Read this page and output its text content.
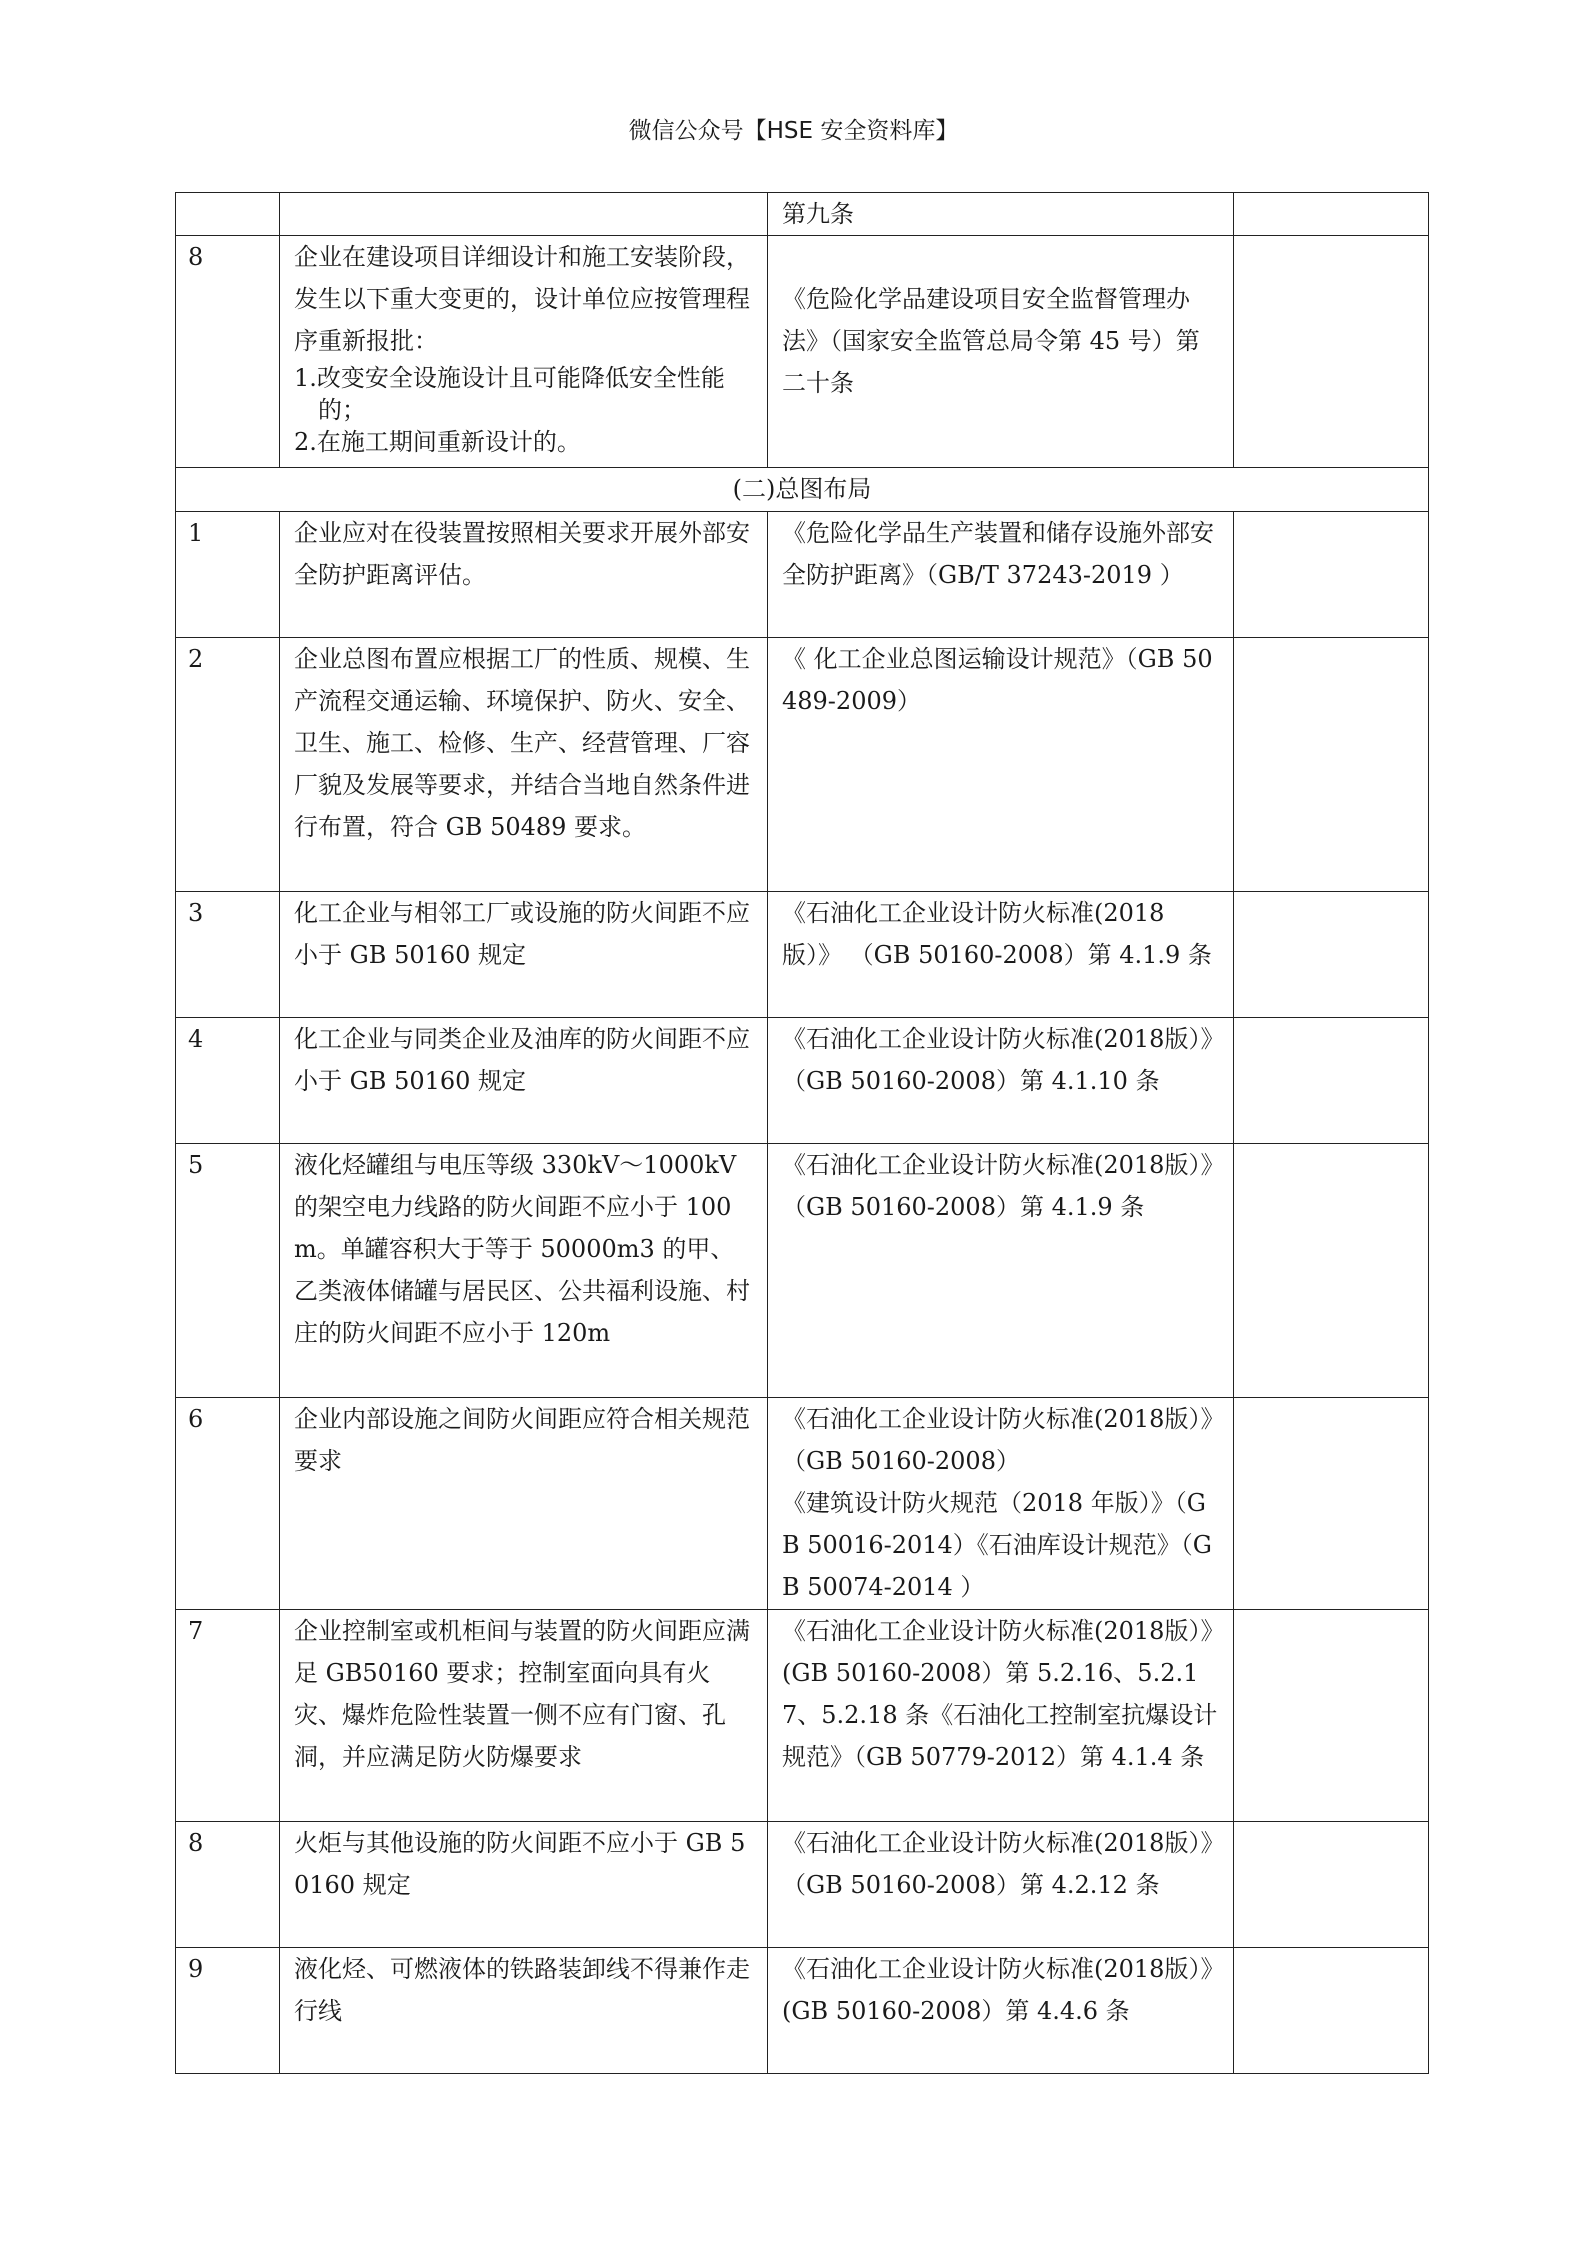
微信公众号【HSE 安全资料库】

		第九条	

8	企业在建设项目详细设计和施工安装阶段，发生以下重大变更的，设计单位应按管理程序重新报批：
1.改变安全设施设计且可能降低安全性能的；
2.在施工期间重新设计的。	《危险化学品建设项目安全监督管理办法》（国家安全监管总局令第 45 号）第二十条	

(二)总图布局			
1	企业应对在役装置按照相关要求开展外部安全防护距离评估。	《危险化学品生产装置和储存设施外部安全防护距离》（GB/T 37243-2019 ）	

2	企业总图布置应根据工厂的性质、规模、生产流程交通运输、环境保护、防火、安全、卫生、施工、检修、生产、经营管理、厂容厂貌及发展等要求，并结合当地自然条件进行布置，符合 GB 50489 要求。	《 化工企业总图运输设计规范》（GB 50489-2009）	

3	化工企业与相邻工厂或设施的防火间距不应小于 GB 50160 规定	《石油化工企业设计防火标准(2018版）》 （GB 50160-2008）第 4.1.9 条	

4	化工企业与同类企业及油库的防火间距不应小于 GB 50160 规定	《石油化工企业设计防火标准(2018版）》（GB 50160-2008）第 4.1.10 条	

5	液化烃罐组与电压等级 330kV～1000kV 的架空电力线路的防火间距不应小于 100m。单罐容积大于等于 50000m3 的甲、乙类液体储罐与居民区、公共福利设施、村庄的防火间距不应小于 120m	《石油化工企业设计防火标准(2018版）》
（GB 50160-2008）第 4.1.9 条	

6	企业内部设施之间防火间距应符合相关规范要求	《石油化工企业设计防火标准(2018版）》（GB 50160-2008）
《建筑设计防火规范（2018 年版）》（GB 50016-2014）《石油库设计规范》（GB 50074-2014 ）	

7	企业控制室或机柜间与装置的防火间距应满足 GB50160 要求；控制室面向具有火灾、爆炸危险性装置一侧不应有门窗、孔洞，并应满足防火防爆要求	《石油化工企业设计防火标准(2018版）》(GB 50160-2008）第 5.2.16、5.2.17、5.2.18 条《石油化工控制室抗爆设计规范》（GB 50779-2012）第 4.1.4 条	

8	火炬与其他设施的防火间距不应小于 GB 50160 规定	《石油化工企业设计防火标准(2018版）》（GB 50160-2008）第 4.2.12 条	

9	液化烃、可燃液体的铁路装卸线不得兼作走行线	《石油化工企业设计防火标准(2018版）》(GB 50160-2008）第 4.4.6 条	
